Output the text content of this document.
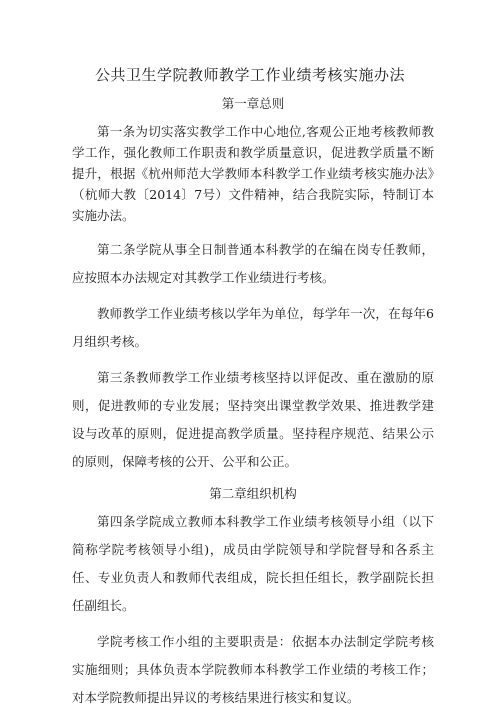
公共卫生学院教师教学工作业绩考核实施办法

第一章总则

第一条为切实落实教学工作中心地位,客观公正地考核教师教学工作，强化教师工作职责和教学质量意识，促进教学质量不断提升，根据《杭州师范大学教师本科教学工作业绩考核实施办法》（杭师大教〔2014〕7号）文件精神，结合我院实际，特制订本实施办法。

第二条学院从事全日制普通本科教学的在编在岗专任教师，应按照本办法规定对其教学工作业绩进行考核。

教师教学工作业绩考核以学年为单位，每学年一次，在每年6月组织考核。

第三条教师教学工作业绩考核坚持以评促改、重在激励的原则，促进教师的专业发展；坚持突出课堂教学效果、推进教学建设与改革的原则，促进提高教学质量。坚持程序规范、结果公示的原则，保障考核的公开、公平和公正。

第二章组织机构

第四条学院成立教师本科教学工作业绩考核领导小组（以下简称学院考核领导小组)，成员由学院领导和学院督导和各系主任、专业负责人和教师代表组成，院长担任组长，教学副院长担任副组长。

学院考核工作小组的主要职责是：依据本办法制定学院考核实施细则；具体负责本学院教师本科教学工作业绩的考核工作；对本学院教师提出异议的考核结果进行核实和复议。
